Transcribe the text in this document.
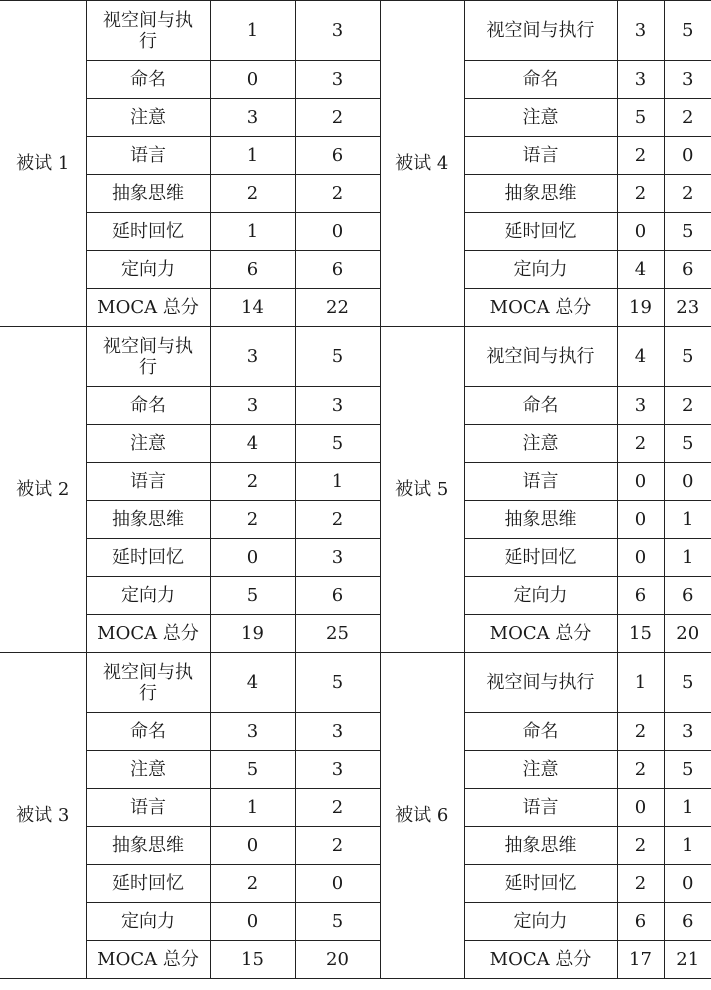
被试 1	视空间与执行	1	3
	命名	0	3
	注意	3	2
	语言	1	6
	抽象思维	2	2
	延时回忆	1	0
	定向力	6	6
	MOCA 总分	14	22
被试 2	视空间与执行	3	5
	命名	3	3
	注意	4	5
	语言	2	1
	抽象思维	2	2
	延时回忆	0	3
	定向力	5	6
	MOCA 总分	19	25
被试 3	视空间与执行	4	5
	命名	3	3
	注意	5	3
	语言	1	2
	抽象思维	0	2
	延时回忆	2	0
	定向力	0	5
	MOCA 总分	15	20
被试 4	视空间与执行	3	5
	命名	3	3
	注意	5	2
	语言	2	0
	抽象思维	2	2
	延时回忆	0	5
	定向力	4	6
	MOCA 总分	19	23
被试 5	视空间与执行	4	5
	命名	3	2
	注意	2	5
	语言	0	0
	抽象思维	0	1
	延时回忆	0	1
	定向力	6	6
	MOCA 总分	15	20
被试 6	视空间与执行	1	5
	命名	2	3
	注意	2	5
	语言	0	1
	抽象思维	2	1
	延时回忆	2	0
	定向力	6	6
	MOCA 总分	17	21
